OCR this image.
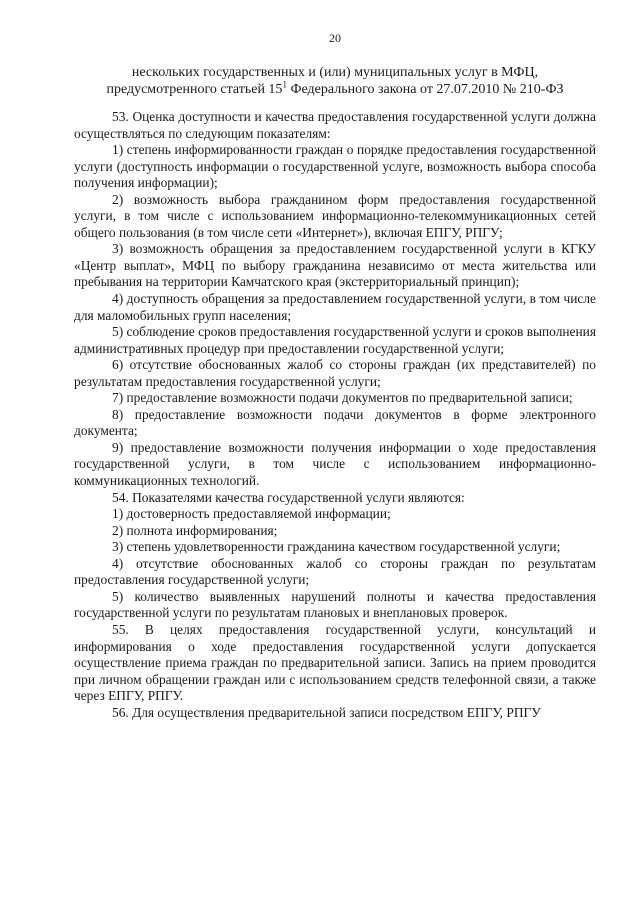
20
нескольких государственных и (или) муниципальных услуг в МФЦ,
предусмотренного статьей $15^1$ Федерального закона от 27.07.2010 № 210-ФЗ

53. Оценка доступности и качества предоставления государственной услуги должна осуществляться по следующим показателям:

1) степень информированности граждан о порядке предоставления государственной услуги (доступность информации о государственной услуге, возможность выбора способа получения информации);

2) возможность выбора гражданином форм предоставления государственной услуги, в том числе с использованием информационно-телекоммуникационных сетей общего пользования (в том числе сети «Интернет»), включая ЕПГУ, РПГУ;

3) возможность обращения за предоставлением государственной услуги в КГКУ «Центр выплат», МФЦ по выбору гражданина независимо от места жительства или пребывания на территории Камчатского края (экстерриториальный принцип);

4) доступность обращения за предоставлением государственной услуги, в том числе для маломобильных групп населения;

5) соблюдение сроков предоставления государственной услуги и сроков выполнения административных процедур при предоставлении государственной услуги;

6) отсутствие обоснованных жалоб со стороны граждан (их представителей) по результатам предоставления государственной услуги;

7) предоставление возможности подачи документов по предварительной записи;

8) предоставление возможности подачи документов в форме электронного документа;

9) предоставление возможности получения информации о ходе предоставления государственной услуги, в том числе с использованием информационно-коммуникационных технологий.

54. Показателями качества государственной услуги являются:

1) достоверность предоставляемой информации;

2) полнота информирования;

3) степень удовлетворенности гражданина качеством государственной услуги;

4) отсутствие обоснованных жалоб со стороны граждан по результатам предоставления государственной услуги;

5) количество выявленных нарушений полноты и качества предоставления государственной услуги по результатам плановых и внеплановых проверок.

55. В целях предоставления государственной услуги, консультаций и информирования о ходе предоставления государственной услуги допускается осуществление приема граждан по предварительной записи. Запись на прием проводится при личном обращении граждан или с использованием средств телефонной связи, а также через ЕПГУ, РПГУ.

56. Для осуществления предварительной записи посредством ЕПГУ, РПГУ
